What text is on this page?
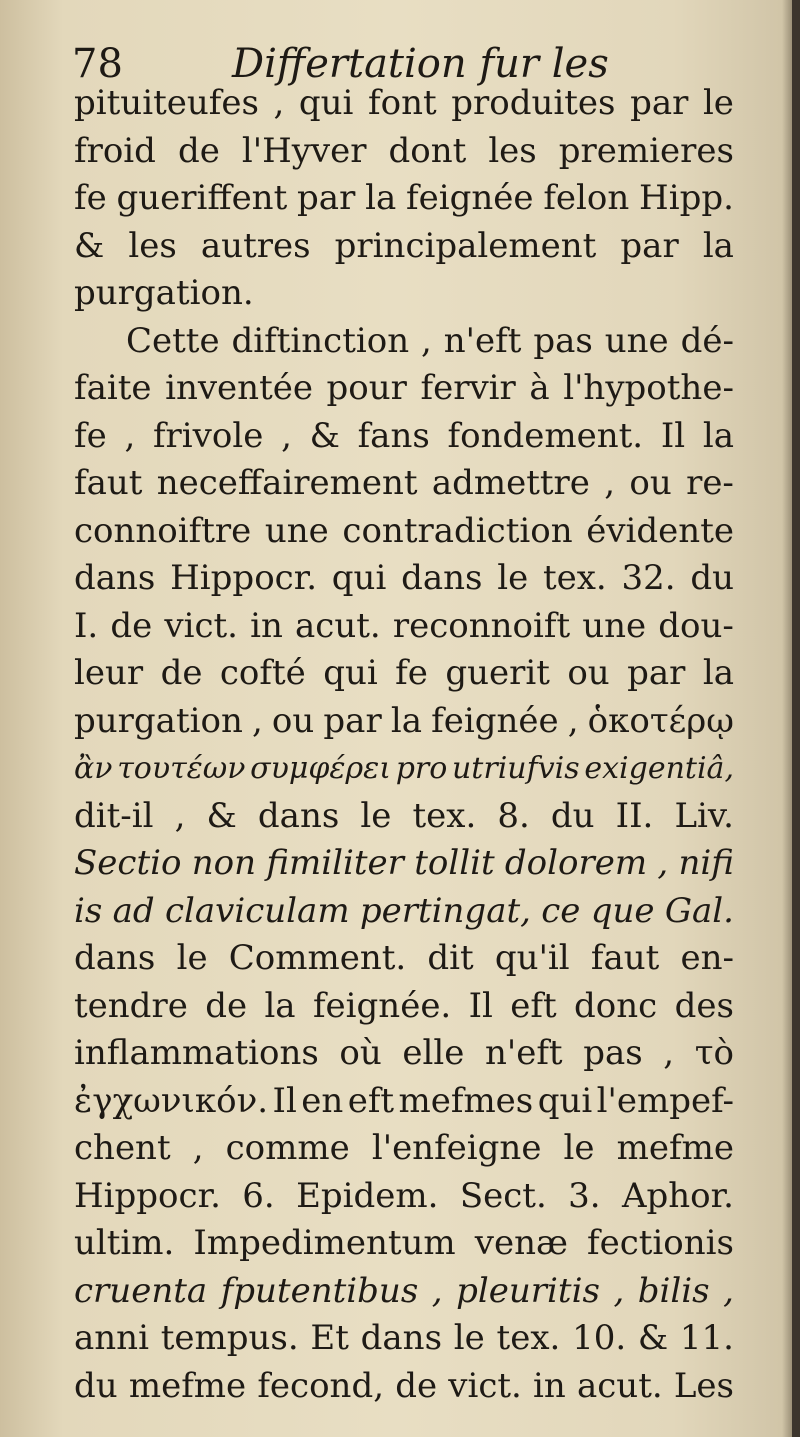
78	Differtation fur les
pituiteufes , qui font produites par le
froid de l'Hyver dont les premieres
fe gueriffent par la feignée felon Hipp.
& les autres principalement par la
purgation.
Cette diftinction , n'eft pas une dé-
faite inventée pour fervir à l'hypothe-
fe , frivole , & fans fondement. Il la
faut neceffairement admettre , ou re-
connoiftre une contradiction évidente
dans Hippocr. qui dans le tex. 32. du
I. de vict. in acut. reconnoift une dou-
leur de cofté qui fe guerit ou par la
purgation , ou par la feignée , ὁκοτέρῳ
ἂν τουτέων συμφέρει pro utriufvis exigentiâ,
dit-il , & dans le tex. 8. du II. Liv.
Sectio non fimiliter tollit dolorem , nifi
is ad claviculam pertingat, ce que Gal.
dans le Comment. dit qu'il faut en-
tendre de la feignée. Il eft donc des
inflammations où elle n'eft pas , τὸ
ἐγχωνικόν. Il en eft mefmes qui l'empef-
chent , comme l'enfeigne le mefme
Hippocr. 6. Epidem. Sect. 3. Aphor.
ultim. Impedimentum venæ fectionis
cruenta fputentibus , pleuritis , bilis ,
anni tempus. Et dans le tex. 10. & 11.
du mefme fecond, de vict. in acut. Les
